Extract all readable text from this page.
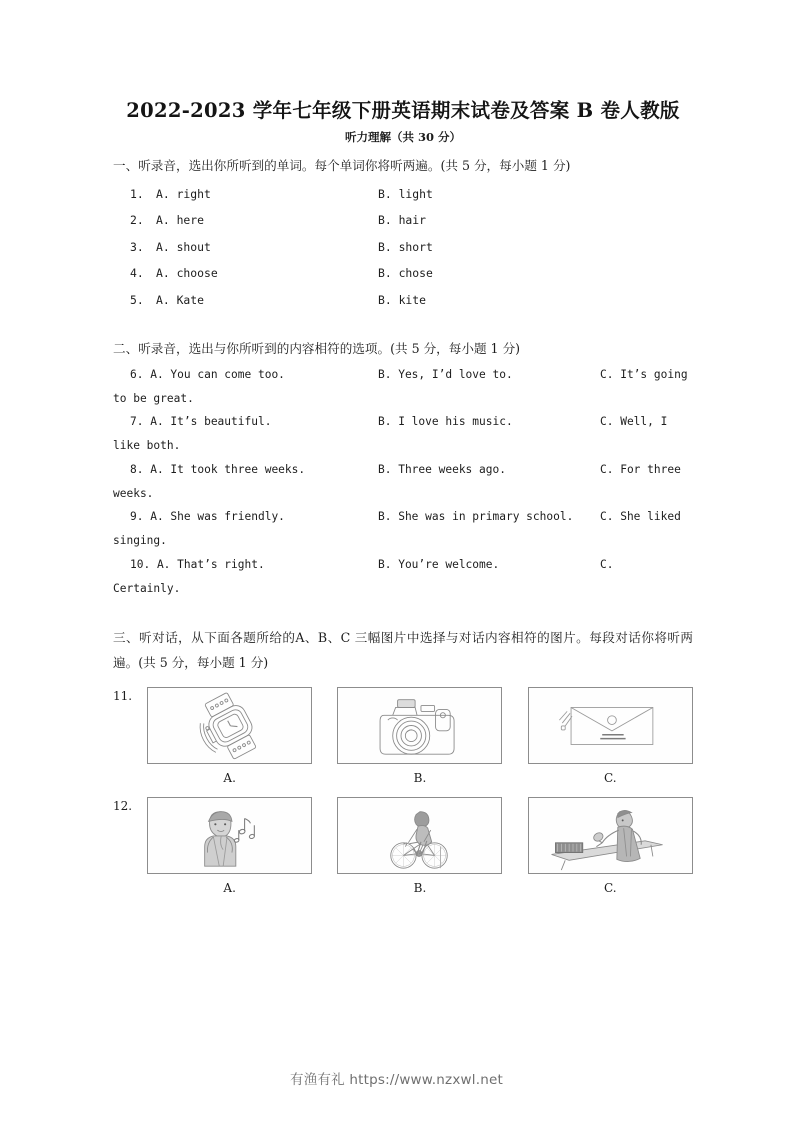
2022-2023 学年七年级下册英语期末试卷及答案 B 卷人教版
听力理解（共 30 分）

一、听录音，选出你所听到的单词。每个单词你将听两遍。(共 5 分，每小题 1 分)

1.	A. right	B. light
2.	A. here	B. hair
3.	A. shout	B. short
4.	A. choose	B. chose
5.	A. Kate	B. kite

二、听录音，选出与你所听到的内容相符的选项。(共 5 分，每小题 1 分)

6. A. You can come too.	B. Yes, I’d love to.	C. It’s going
to be great.
7. A. It’s beautiful.	B. I love his music.	C. Well, I
like both.
8. A. It took three weeks.	B. Three weeks ago.	C. For three
weeks.
9. A. She was friendly.	B. She was in primary school.	C. She liked
singing.
10. A. That’s right.	B. You’re welcome.	C.
Certainly.

三、听对话，从下面各题所给的A、B、C 三幅图片中选择与对话内容相符的图片。每段对话你将听两遍。(共 5 分，每小题 1 分)

11.
A.	B.	C.
12.
A.	B.	C.
有渔有礼 https://www.nzxwl.net
